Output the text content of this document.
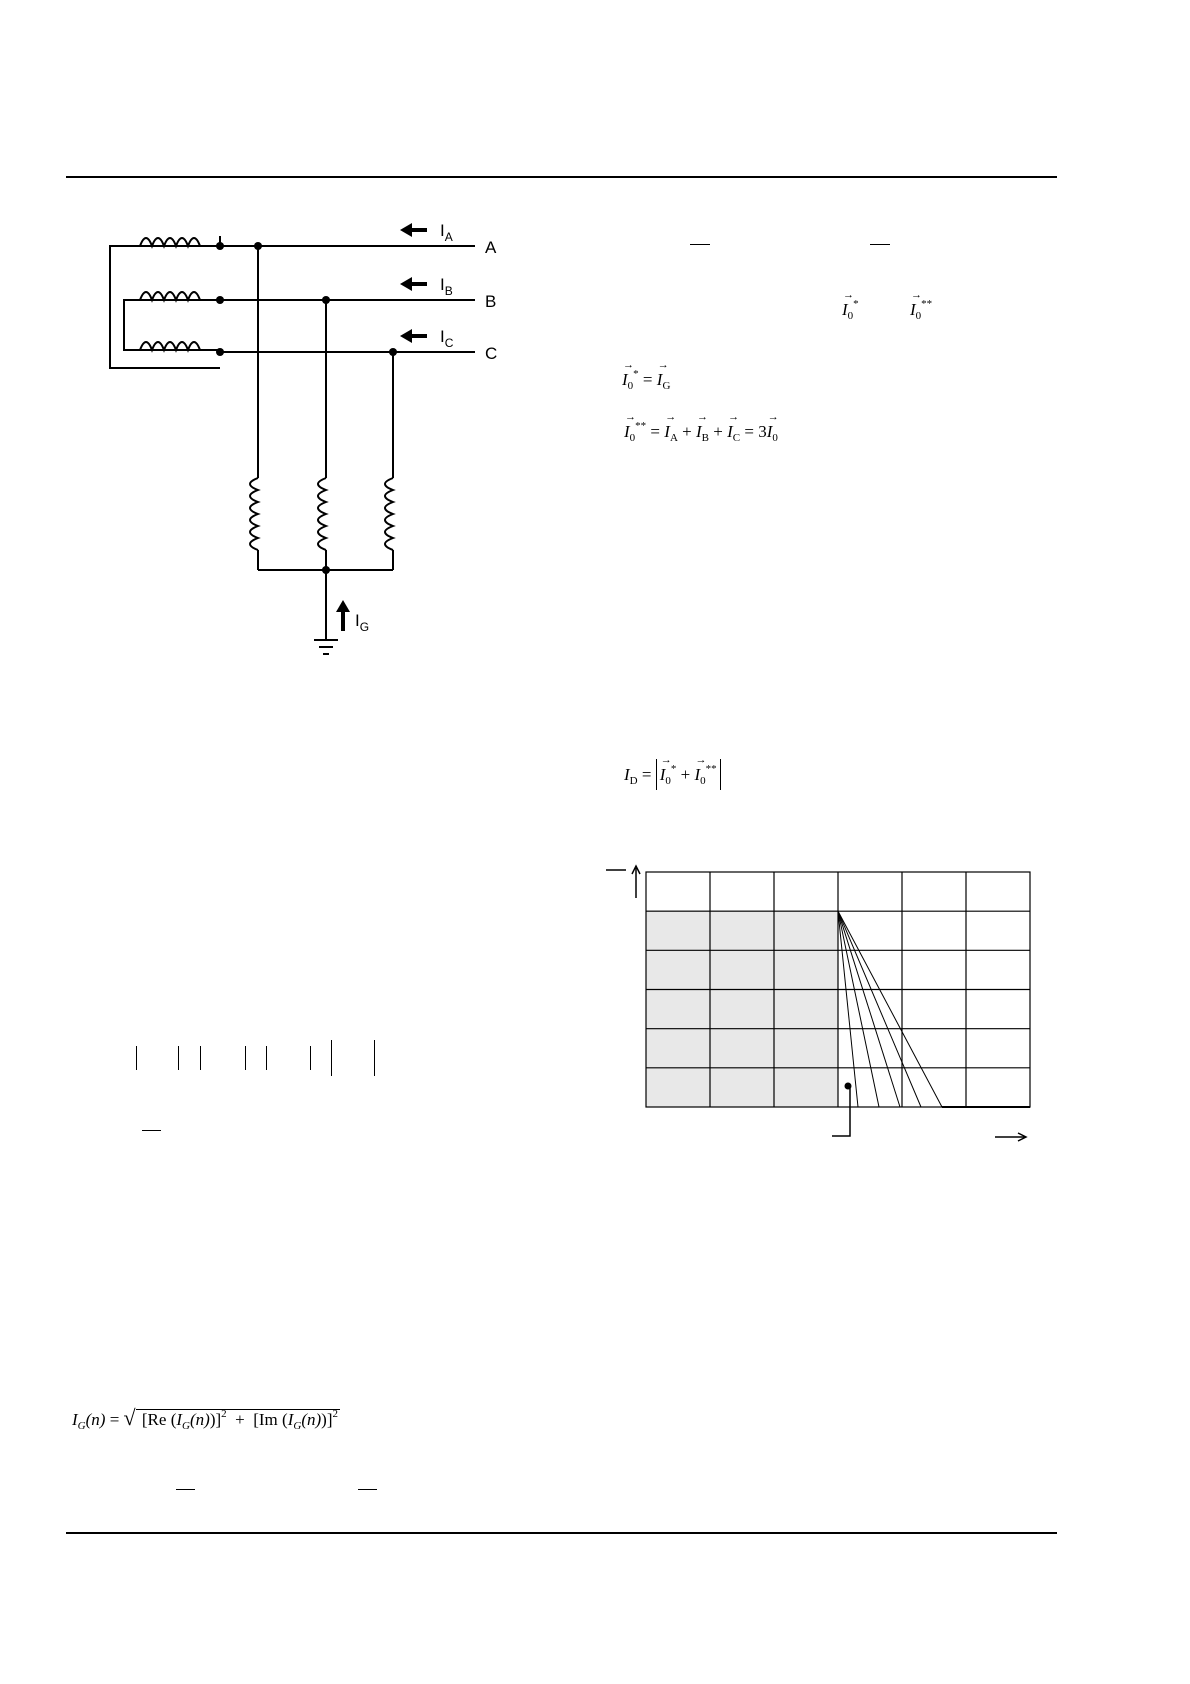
$I_A$
$I_B$
$I_C$
$I_G$
A
B
C
→ $I_0^*$
→	$I_0^{**}$
→ $I_0^*$ = → $I_G$
→ $I_0^{**}$ = → $I_A$ + → $I_B$ + → $I_C = 3\to I_0$
$I_D$ = → $I_0^*$ + → $I_0^{**}$
$I_G(n)$ = √ [Re $(I_G(n))]^2 + [Im$ $(I_G(n))]^2$
